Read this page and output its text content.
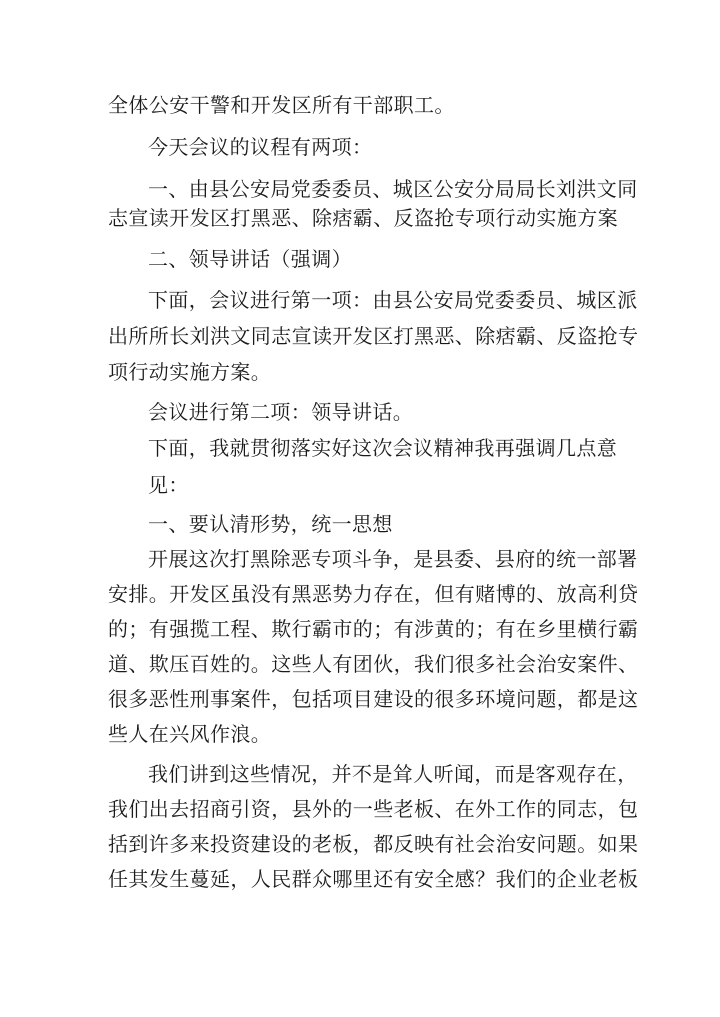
全体公安干警和开发区所有干部职工。
今天会议的议程有两项：
一、由县公安局党委委员、城区公安分局局长刘洪文同
志宣读开发区打黑恶、除痞霸、反盗抢专项行动实施方案
二、领导讲话（强调）
下面，会议进行第一项：由县公安局党委委员、城区派
出所所长刘洪文同志宣读开发区打黑恶、除痞霸、反盗抢专
项行动实施方案。
会议进行第二项：领导讲话。
下面，我就贯彻落实好这次会议精神我再强调几点意
见：
一、要认清形势，统一思想
开展这次打黑除恶专项斗争，是县委、县府的统一部署
安排。开发区虽没有黑恶势力存在，但有赌博的、放高利贷
的；有强揽工程、欺行霸市的；有涉黄的；有在乡里横行霸
道、欺压百姓的。这些人有团伙，我们很多社会治安案件、
很多恶性刑事案件，包括项目建设的很多环境问题，都是这
些人在兴风作浪。
我们讲到这些情况，并不是耸人听闻，而是客观存在，
我们出去招商引资，县外的一些老板、在外工作的同志，包
括到许多来投资建设的老板，都反映有社会治安问题。如果
任其发生蔓延，人民群众哪里还有安全感？我们的企业老板
